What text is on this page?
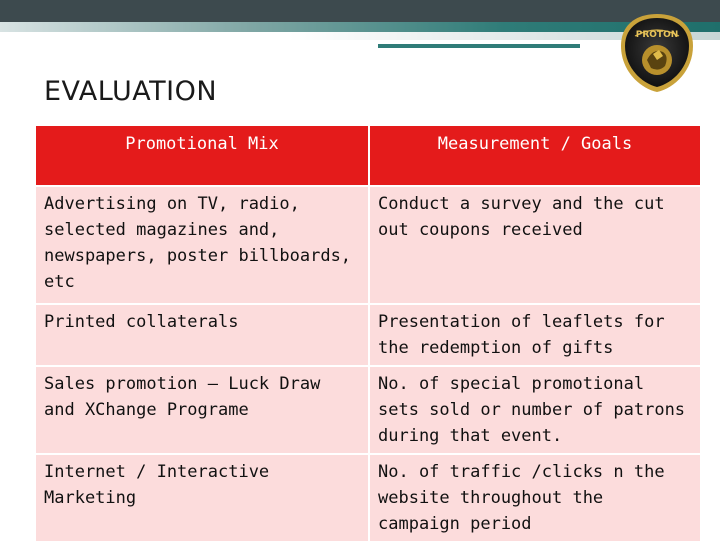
PROTON
EVALUATION
Promotional Mix	Measurement / Goals
Advertising on TV, radio, selected magazines and, newspapers, poster billboards, etc	Conduct a survey and the cut out coupons received
Printed collaterals	Presentation of leaflets for the redemption of gifts
Sales promotion – Luck Draw and XChange Programe	No. of special promotional sets sold or number of patrons during that event.
Internet / Interactive Marketing	No. of traffic /clicks n the website throughout the campaign period
